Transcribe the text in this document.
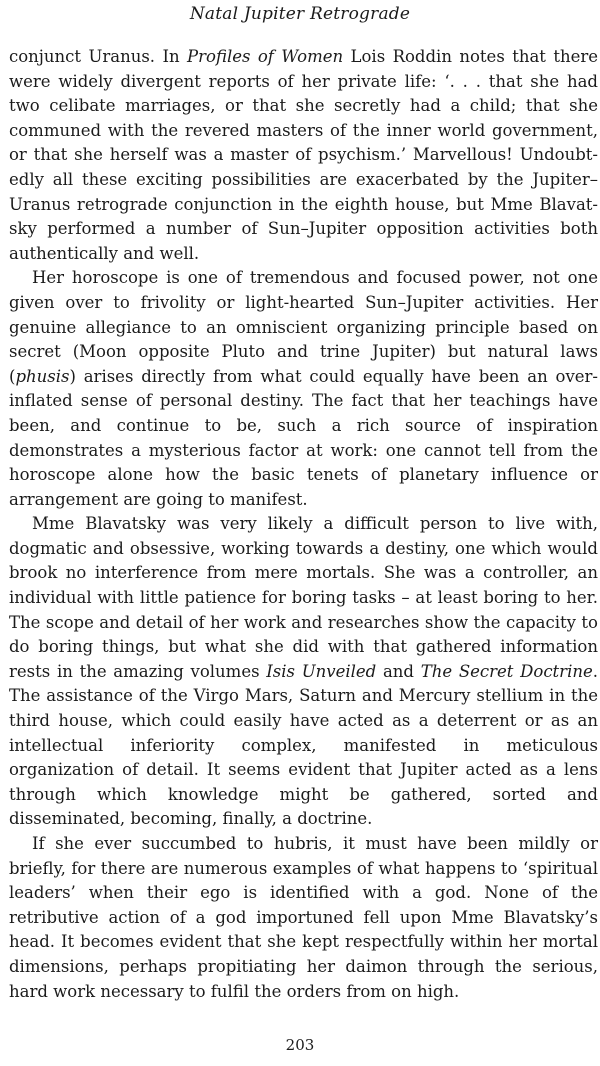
Natal Jupiter Retrograde

conjunct Uranus. In Profiles of Women Lois Roddin notes that there were widely divergent reports of her private life: ‘. . . that she had two celibate marriages, or that she secretly had a child; that she communed with the revered masters of the inner world government, or that she herself was a master of psychism.’ Marvellous! Undoubtedly all these exciting possibilities are exacerbated by the Jupiter–Uranus retrograde conjunction in the eighth house, but Mme Blavatsky performed a number of Sun–Jupiter opposition activities both authentically and well.

Her horoscope is one of tremendous and focused power, not one given over to frivolity or light-hearted Sun–Jupiter activities. Her genuine allegiance to an omniscient organizing principle based on secret (Moon opposite Pluto and trine Jupiter) but natural laws (phusis) arises directly from what could equally have been an over-inflated sense of personal destiny. The fact that her teachings have been, and continue to be, such a rich source of inspiration demonstrates a mysterious factor at work: one cannot tell from the horoscope alone how the basic tenets of planetary influence or arrangement are going to manifest.

Mme Blavatsky was very likely a difficult person to live with, dogmatic and obsessive, working towards a destiny, one which would brook no interference from mere mortals. She was a controller, an individual with little patience for boring tasks – at least boring to her. The scope and detail of her work and researches show the capacity to do boring things, but what she did with that gathered information rests in the amazing volumes Isis Unveiled and The Secret Doctrine. The assistance of the Virgo Mars, Saturn and Mercury stellium in the third house, which could easily have acted as a deterrent or as an intellectual inferiority complex, manifested in meticulous organization of detail. It seems evident that Jupiter acted as a lens through which knowledge might be gathered, sorted and disseminated, becoming, finally, a doctrine.

If she ever succumbed to hubris, it must have been mildly or briefly, for there are numerous examples of what happens to ‘spiritual leaders’ when their ego is identified with a god. None of the retributive action of a god importuned fell upon Mme Blavatsky’s head. It becomes evident that she kept respectfully within her mortal dimensions, perhaps propitiating her daimon through the serious, hard work necessary to fulfil the orders from on high.

203
